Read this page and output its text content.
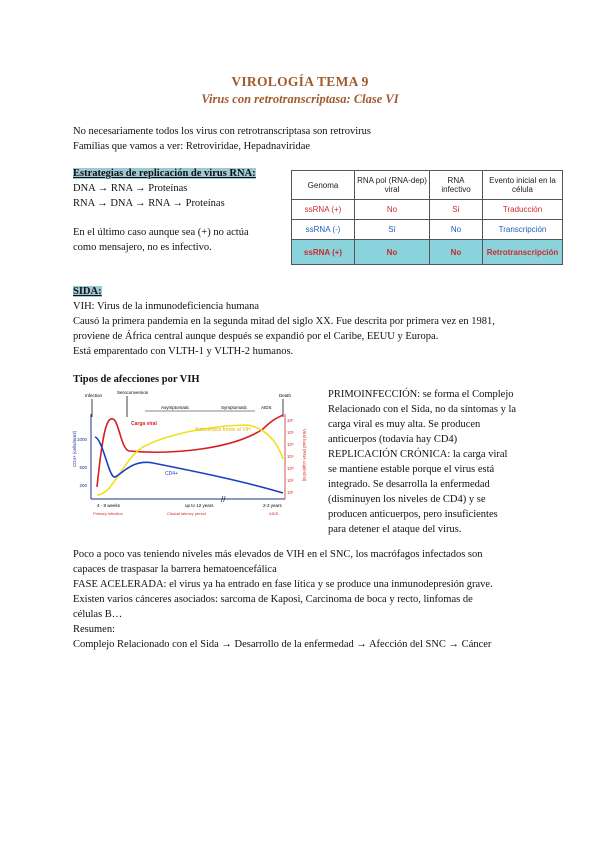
VIROLOGÍA TEMA 9
Virus con retrotranscriptasa: Clase VI
No necesariamente todos los virus con retrotranscriptasa son retrovirus
Familias que vamos a ver: Retroviridae, Hepadnaviridae
Estrategias de replicación de virus RNA:
DNA → RNA → Proteínas
RNA → DNA → RNA → Proteínas
En el último caso aunque sea (+) no actúa
como mensajero, no es infectivo.
Genoma	RNA pol (RNA-dep) viral	RNA infectivo	Evento inicial en la célula
ssRNA (+)	No	Sí	Traducción
ssRNA (-)	Sí	No	Transcripción
ssRNA (+)	No	No	Retrotranscripción
SIDA:
VIH: Virus de la inmunodeficiencia humana
Causó la primera pandemia en la segunda mitad del siglo XX. Fue descrita por primera vez en 1981,
proviene de África central aunque después se expandió por el Caribe, EEUU y Europa.
Está emparentado con VLTH-1 y VLTH-2 humanos.
Tipos de afecciones por VIH
Infection
Seroconversion
Asymptomatic	Symptomatic	AIDS
Death
CD4+ (cells/mm3) 1000
500
200
10⁷
10⁶
10⁵
10⁴
10³
10²
10¹
Viral load (RNA copies/ml)
Carga viral
Anticuerpos frente al VIH
CD4+
//
4 - 8 weeks	up to 12 years	2-3 years
Primary infection	Clinical latency period	AIDS
PRIMOINFECCIÓN: se forma el Complejo
Relacionado con el Sida, no da síntomas y la
carga viral es muy alta. Se producen
anticuerpos (todavía hay CD4)
REPLICACIÓN CRÓNICA: la carga viral
se mantiene estable porque el virus está
integrado. Se desarrolla la enfermedad
(disminuyen los niveles de CD4) y se
producen anticuerpos, pero insuficientes
para detener el ataque del virus.
Poco a poco vas teniendo niveles más elevados de VIH en el SNC, los macrófagos infectados son
capaces de traspasar la barrera hematoencefálica
FASE ACELERADA: el virus ya ha entrado en fase lítica y se produce una inmunodepresión grave.
Existen varios cánceres asociados: sarcoma de Kaposi, Carcinoma de boca y recto, linfomas de
células B…
Resumen:
Complejo Relacionado con el Sida → Desarrollo de la enfermedad → Afección del SNC → Cáncer
